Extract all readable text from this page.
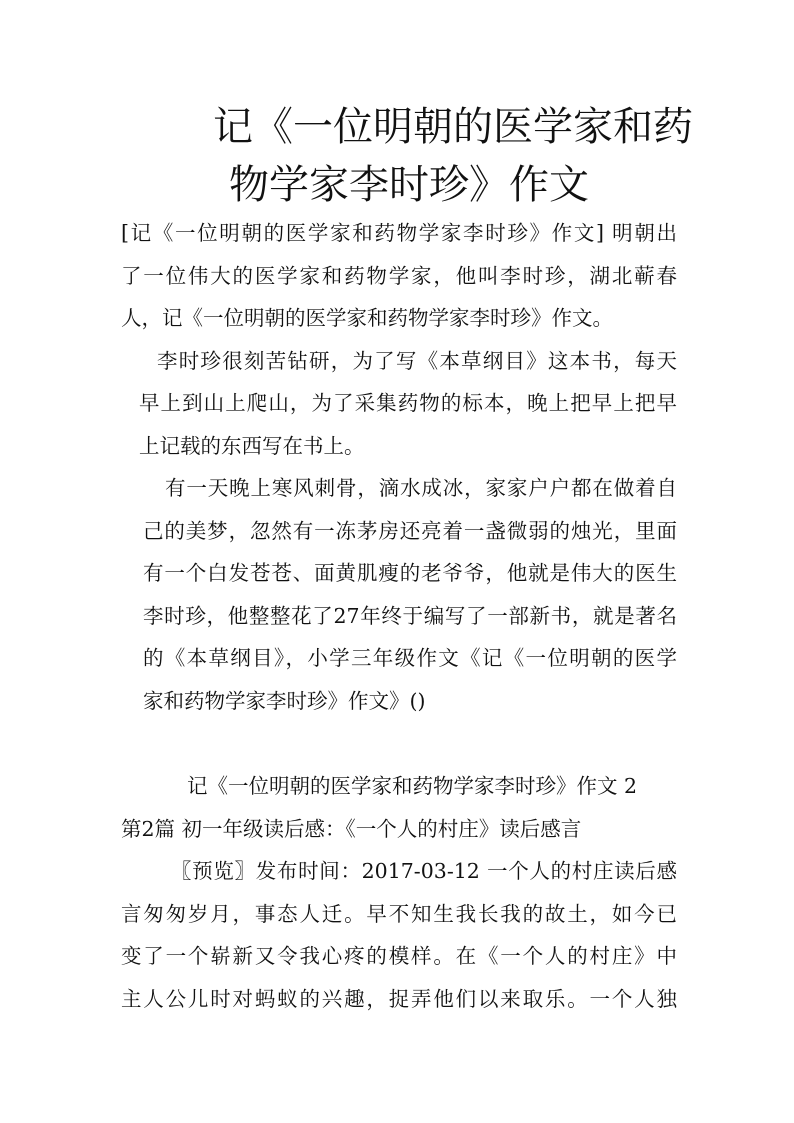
记《一位明朝的医学家和药
物学家李时珍》作文

[记《一位明朝的医学家和药物学家李时珍》作文] 明朝出
了一位伟大的医学家和药物学家，他叫李时珍，湖北蕲春
人，记《一位明朝的医学家和药物学家李时珍》作文。

李时珍很刻苦钻研，为了写《本草纲目》这本书，每天
早上到山上爬山，为了采集药物的标本，晚上把早上把早
上记载的东西写在书上。

有一天晚上寒风刺骨，滴水成冰，家家户户都在做着自
己的美梦，忽然有一冻茅房还亮着一盏微弱的烛光，里面
有一个白发苍苍、面黄肌瘦的老爷爷，他就是伟大的医生
李时珍，他整整花了27年终于编写了一部新书，就是著名
的《本草纲目》，小学三年级作文《记《一位明朝的医学
家和药物学家李时珍》作文》()

记《一位明朝的医学家和药物学家李时珍》作文 2

第2篇 初一年级读后感：《一个人的村庄》读后感言

〖预览〗发布时间：2017-03-12 一个人的村庄读后感
言匆匆岁月，事态人迁。早不知生我长我的故土，如今已
变了一个崭新又令我心疼的模样。在《一个人的村庄》中
主人公儿时对蚂蚁的兴趣，捉弄他们以来取乐。一个人独
